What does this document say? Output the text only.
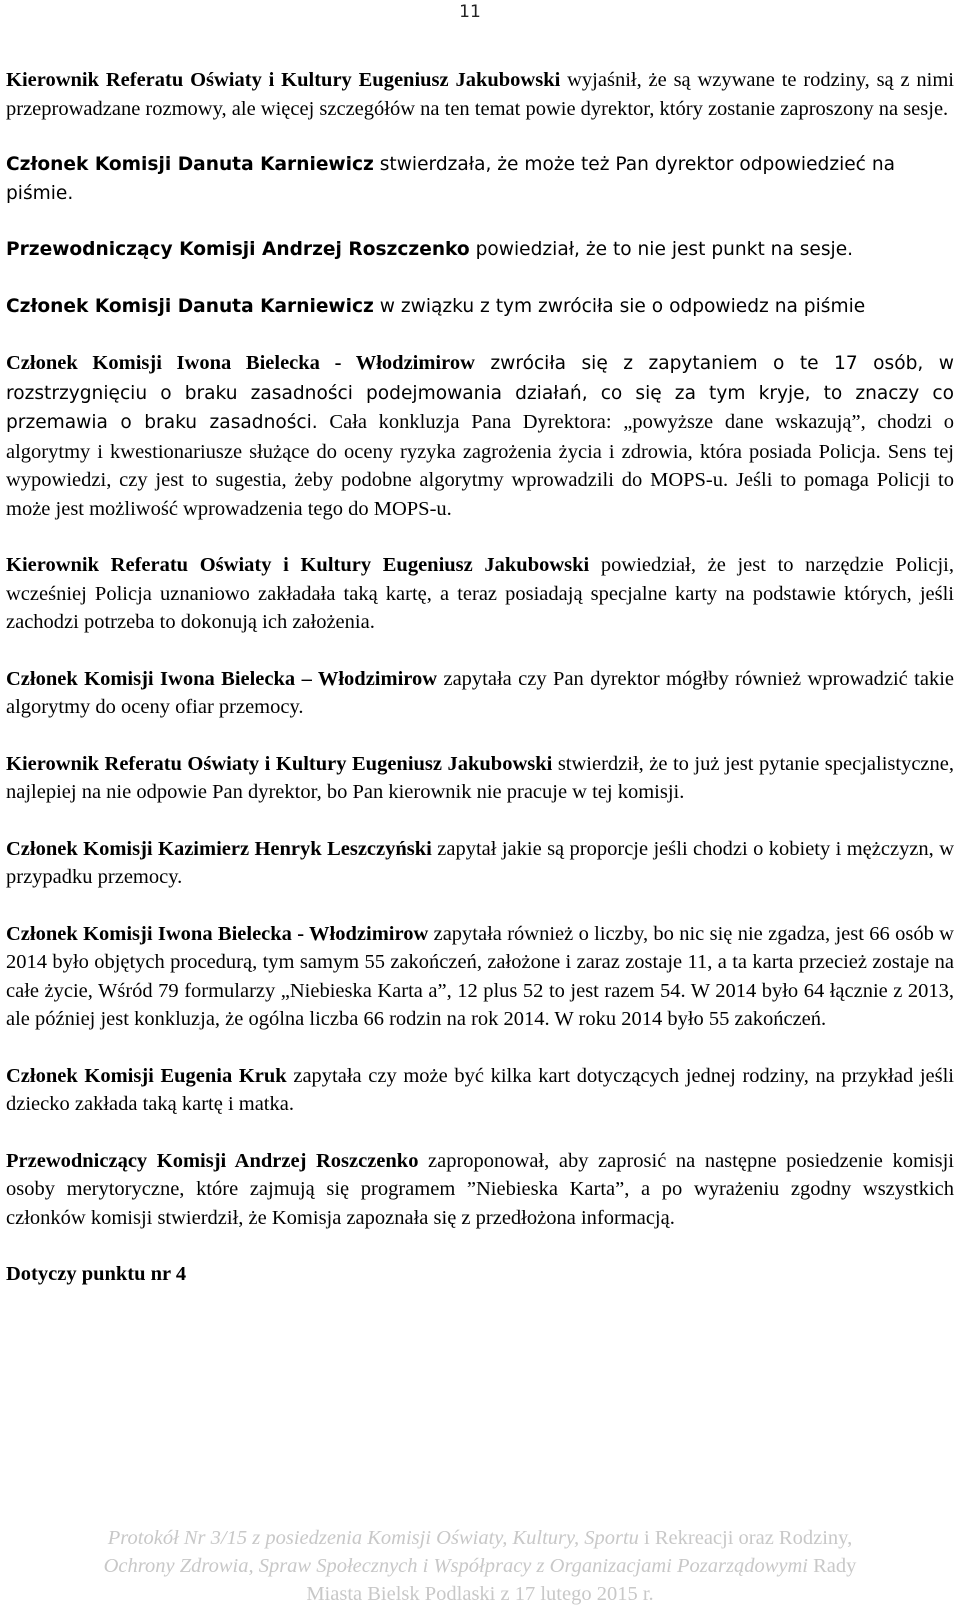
11

Kierownik Referatu Oświaty i Kultury Eugeniusz Jakubowski wyjaśnił, że są wzywane te rodziny, są z nimi przeprowadzane rozmowy, ale więcej szczegółów na ten temat powie dyrektor, który zostanie zaproszony na sesje.

Członek Komisji Danuta Karniewicz stwierdzała, że może też Pan dyrektor odpowiedzieć na piśmie.

Przewodniczący Komisji Andrzej Roszczenko powiedział, że to nie jest punkt na sesje.

Członek Komisji Danuta Karniewicz w związku z tym zwróciła sie o odpowiedz na piśmie

Członek Komisji Iwona Bielecka - Włodzimirow zwróciła się z zapytaniem o te 17 osób, w rozstrzygnięciu o braku zasadności podejmowania działań, co się za tym kryje, to znaczy co przemawia o braku zasadności. Cała konkluzja Pana Dyrektora: „powyższe dane wskazują”, chodzi o algorytmy i kwestionariusze służące do oceny ryzyka zagrożenia życia i zdrowia, która posiada Policja. Sens tej wypowiedzi, czy jest to sugestia, żeby podobne algorytmy wprowadzili do MOPS-u. Jeśli to pomaga Policji to może jest możliwość wprowadzenia tego do MOPS-u.

Kierownik Referatu Oświaty i Kultury Eugeniusz Jakubowski powiedział, że jest to narzędzie Policji, wcześniej Policja uznaniowo zakładała taką kartę, a teraz posiadają specjalne karty na podstawie których, jeśli zachodzi potrzeba to dokonują ich założenia.

Członek Komisji Iwona Bielecka – Włodzimirow zapytała czy Pan dyrektor mógłby również wprowadzić takie algorytmy do oceny ofiar przemocy.

Kierownik Referatu Oświaty i Kultury Eugeniusz Jakubowski stwierdził, że to już jest pytanie specjalistyczne, najlepiej na nie odpowie Pan dyrektor, bo Pan kierownik nie pracuje w tej komisji.

Członek Komisji Kazimierz Henryk Leszczyński zapytał jakie są proporcje jeśli chodzi o kobiety i mężczyzn, w przypadku przemocy.

Członek Komisji Iwona Bielecka - Włodzimirow zapytała również o liczby, bo nic się nie zgadza, jest 66 osób w 2014 było objętych procedurą, tym samym 55 zakończeń, założone i zaraz zostaje 11, a ta karta przecież zostaje na całe życie, Wśród 79 formularzy „Niebieska Karta a”, 12 plus 52 to jest razem 54. W 2014 było 64 łącznie z 2013, ale później jest konkluzja, że ogólna liczba 66 rodzin na rok 2014. W roku 2014 było 55 zakończeń.

Członek Komisji Eugenia Kruk zapytała czy może być kilka kart dotyczących jednej rodziny, na przykład jeśli dziecko zakłada taką kartę i matka.

Przewodniczący Komisji Andrzej Roszczenko zaproponował, aby zaprosić na następne posiedzenie komisji osoby merytoryczne, które zajmują się programem ”Niebieska Karta”, a po wyrażeniu zgodny wszystkich członków komisji stwierdził, że Komisja zapoznała się z przedłożona informacją.

Dotyczy punktu nr 4

Protokół Nr 3/15 z posiedzenia Komisji Oświaty, Kultury, Sportu i Rekreacji oraz Rodziny,
Ochrony Zdrowia, Spraw Społecznych i Współpracy z Organizacjami Pozarządowymi Rady
Miasta Bielsk Podlaski z 17 lutego 2015 r.
